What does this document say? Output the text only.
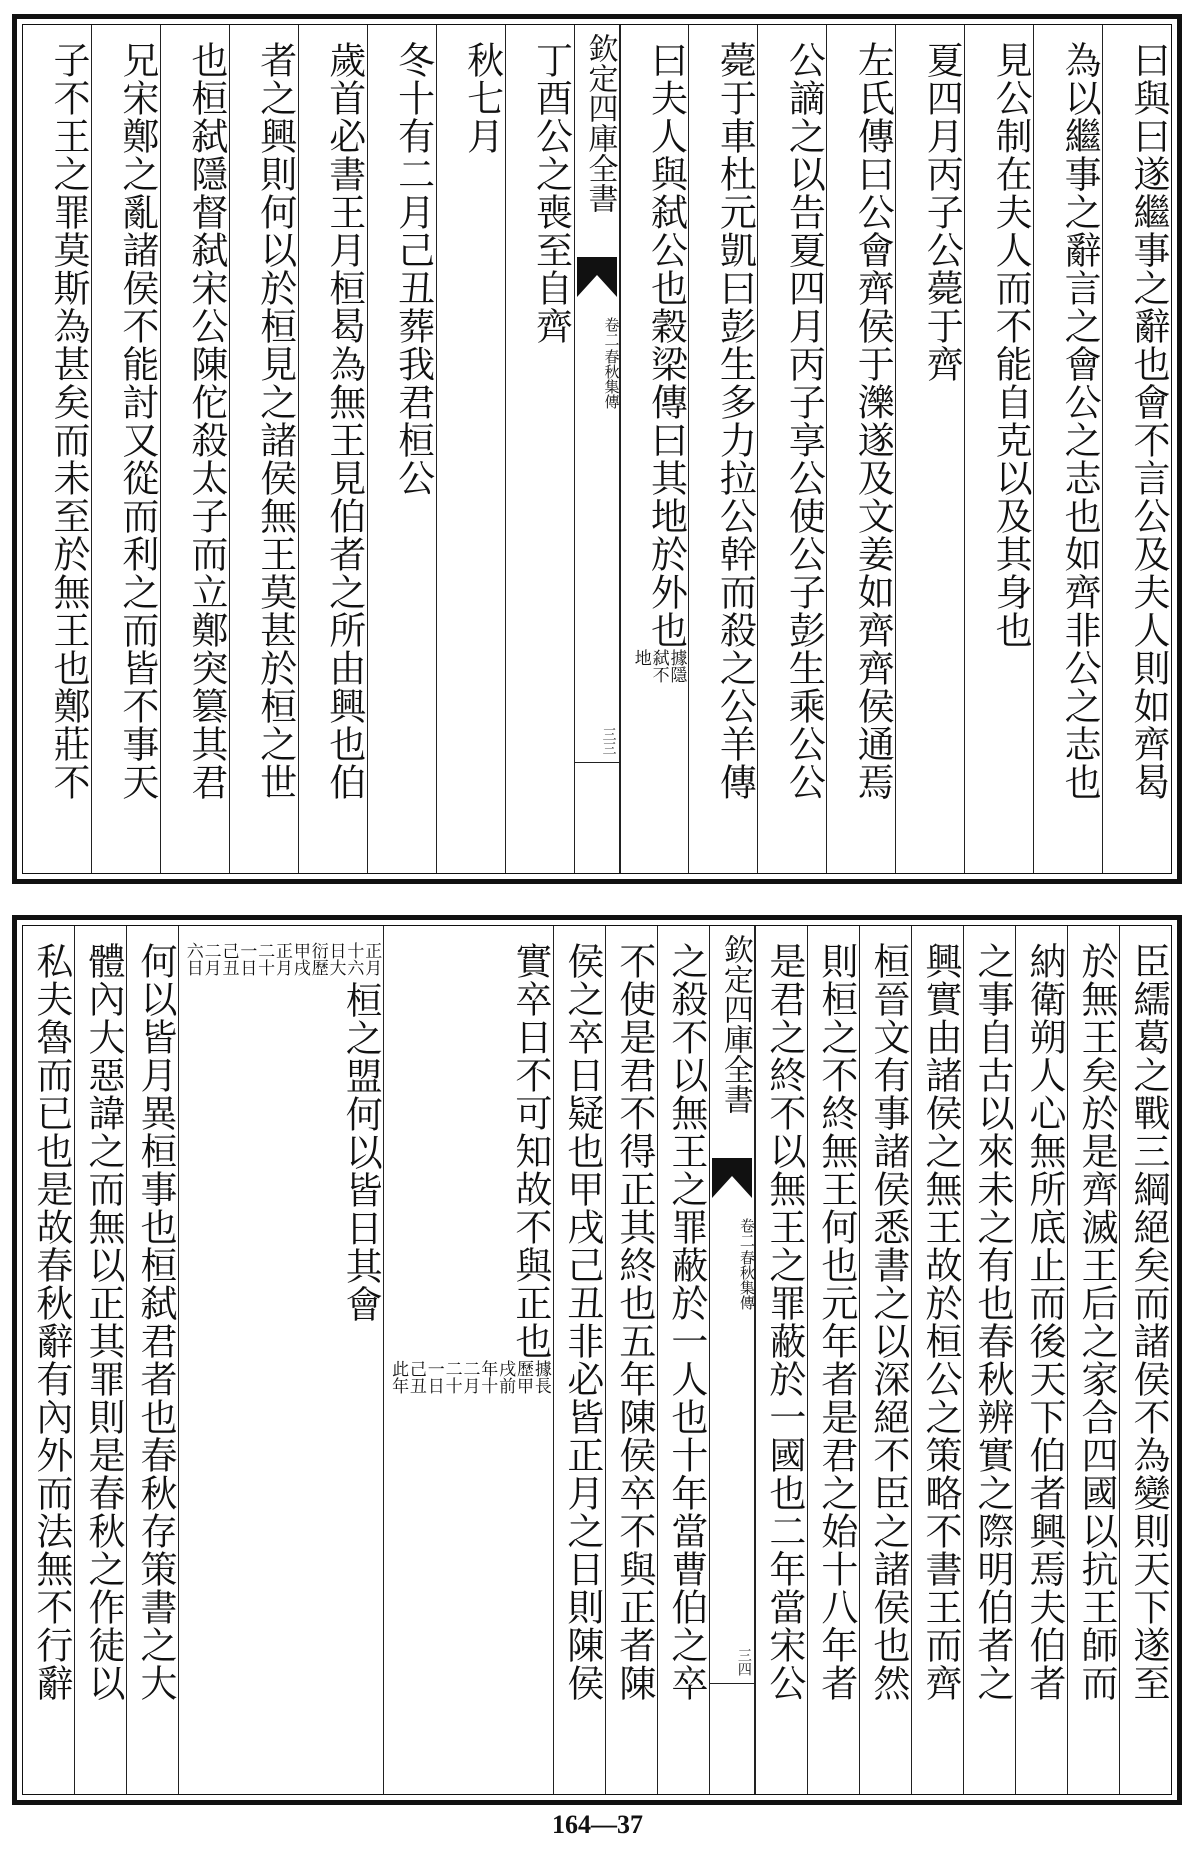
曰與曰遂繼事之辭也會不言公及夫人則如齊曷
為以繼事之辭言之會公之志也如齊非公之志也
見公制在夫人而不能自克以及其身也
夏四月丙子公薨于齊
左氏傳曰公會齊侯于濼遂及文姜如齊齊侯通焉
公謫之以告夏四月丙子享公使公子彭生乘公公
薨于車杜元凱曰彭生多力拉公幹而殺之公羊傳
曰夫人與弑公也穀梁傳曰其地於外也據隱弑不地
欽定四庫全書
春秋集傳
卷二
三三
丁酉公之喪至自齊
秋七月
冬十有二月己丑葬我君桓公
歲首必書王月桓曷為無王見伯者之所由興也伯
者之興則何以於桓見之諸侯無王莫甚於桓之世
也桓弑隱督弑宋公陳佗殺太子而立鄭突篡其君
兄宋鄭之亂諸侯不能討又從而利之而皆不事天
子不王之罪莫斯為甚矣而未至於無王也鄭莊不
臣繻葛之戰三綱絕矣而諸侯不為變則天下遂至
於無王矣於是齊滅王后之家合四國以抗王師而
納衛朔人心無所底止而後天下伯者興焉夫伯者
之事自古以來未之有也春秋辨實之際明伯者之
興實由諸侯之無王故於桓公之策略不書王而齊
桓晉文有事諸侯悉書之以深絕不臣之諸侯也然
則桓之不終無王何也元年者是君之始十八年者
是君之終不以無王之罪蔽於一國也二年當宋公
欽定四庫全書
春秋集傳
卷二
三四
之殺不以無王之罪蔽於一人也十年當曹伯之卒
不使是君不得正其終也五年陳侯卒不與正者陳
侯之卒日疑也甲戌己丑非必皆正月之日則陳侯
實卒日不可知故不與正也據長歷甲戌前年十二月二十一日己丑此年
正月十六日大衍歷甲戌正月二十一日己丑二月六日桓之盟何以皆日其會
何以皆月異桓事也桓弑君者也春秋存策書之大
體內大惡諱之而無以正其罪則是春秋之作徒以
私夫魯而已也是故春秋辭有內外而法無不行辭
164—37
